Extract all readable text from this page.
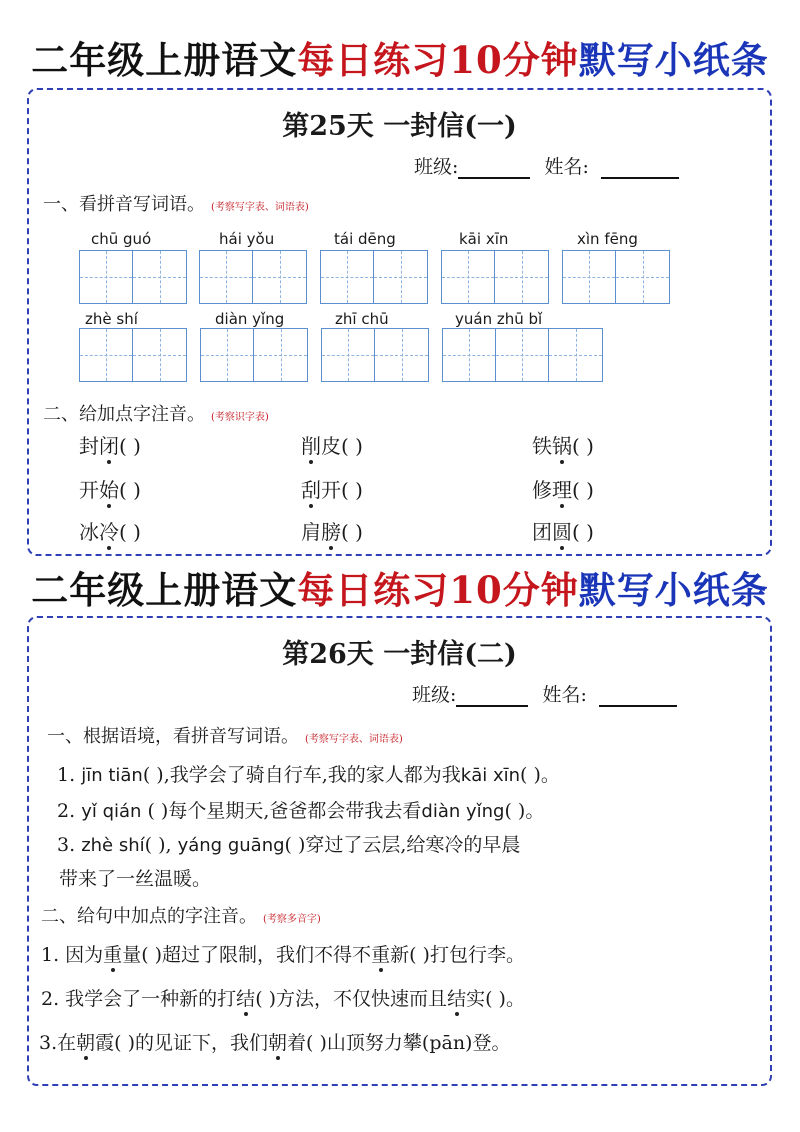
二年级上册语文每日练习10分钟默写小纸条
第25天 一封信(一)
班级:	姓名:
一、看拼音写词语。 (考察写字表、词语表)
chū guó	hái yǒu	tái dēng	kāi xīn	xìn fēng
zhè shí	diàn yǐng	zhī chū	yuán zhū bǐ
二、给加点字注音。 (考察识字表)
封闭( )	削皮( )	铁锅( )
开始( )	刮开( )	修理( )
冰冷( )	肩膀( )	团圆( )
二年级上册语文每日练习10分钟默写小纸条
第26天 一封信(二)
班级:	姓名:
一、根据语境，看拼音写词语。 (考察写字表、词语表)
1. jīn tiān( ),我学会了骑自行车,我的家人都为我kāi xīn( )。
2. yǐ qián ( )每个星期天,爸爸都会带我去看diàn yǐng( )。
3. zhè shí( ), yáng guāng( )穿过了云层,给寒冷的早晨
带来了一丝温暖。
二、给句中加点的字注音。 (考察多音字)
1. 因为重量( )超过了限制，我们不得不重新( )打包行李。
2. 我学会了一种新的打结( )方法，不仅快速而且结实( )。
3.在朝霞( )的见证下，我们朝着( )山顶努力攀(pān)登。
